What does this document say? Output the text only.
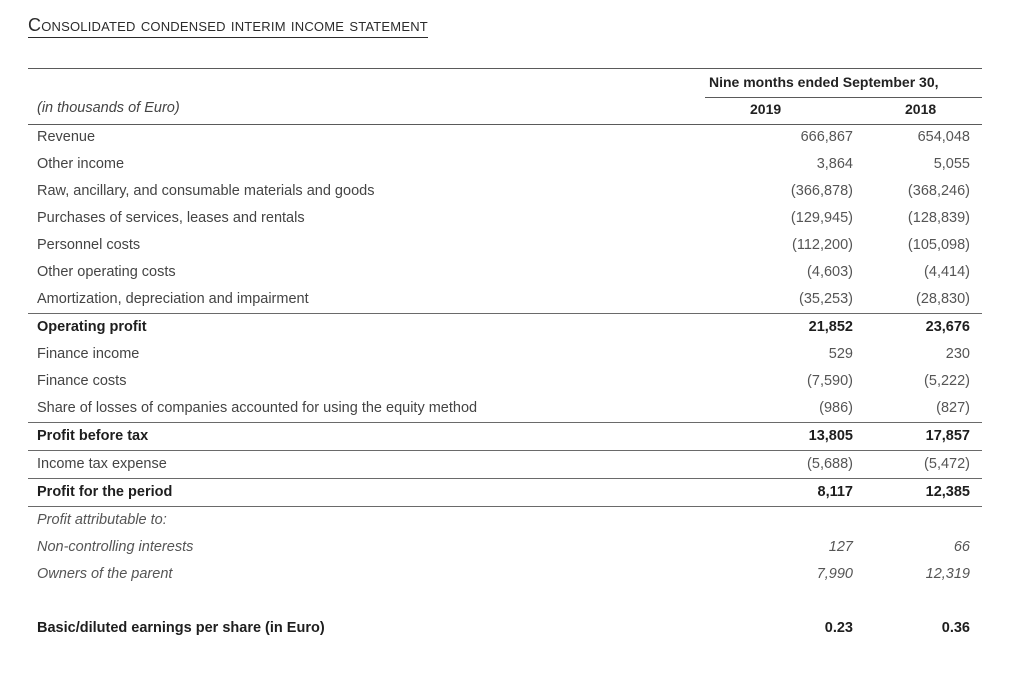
Consolidated condensed interim income statement
Nine months ended September 30,
2019	2018
(in thousands of Euro)
Revenue	666,867	654,048
Other income	3,864	5,055
Raw, ancillary, and consumable materials and goods	(366,878)	(368,246)
Purchases of services, leases and rentals	(129,945)	(128,839)
Personnel costs	(112,200)	(105,098)
Other operating costs	(4,603)	(4,414)
Amortization, depreciation and impairment	(35,253)	(28,830)
Operating profit	21,852	23,676
Finance income	529	230
Finance costs	(7,590)	(5,222)
Share of losses of companies accounted for using the equity method	(986)	(827)
Profit before tax	13,805	17,857
Income tax expense	(5,688)	(5,472)
Profit for the period	8,117	12,385
Profit attributable to:
Non-controlling interests	127	66
Owners of the parent	7,990	12,319
Basic/diluted earnings per share (in Euro)	0.23	0.36
